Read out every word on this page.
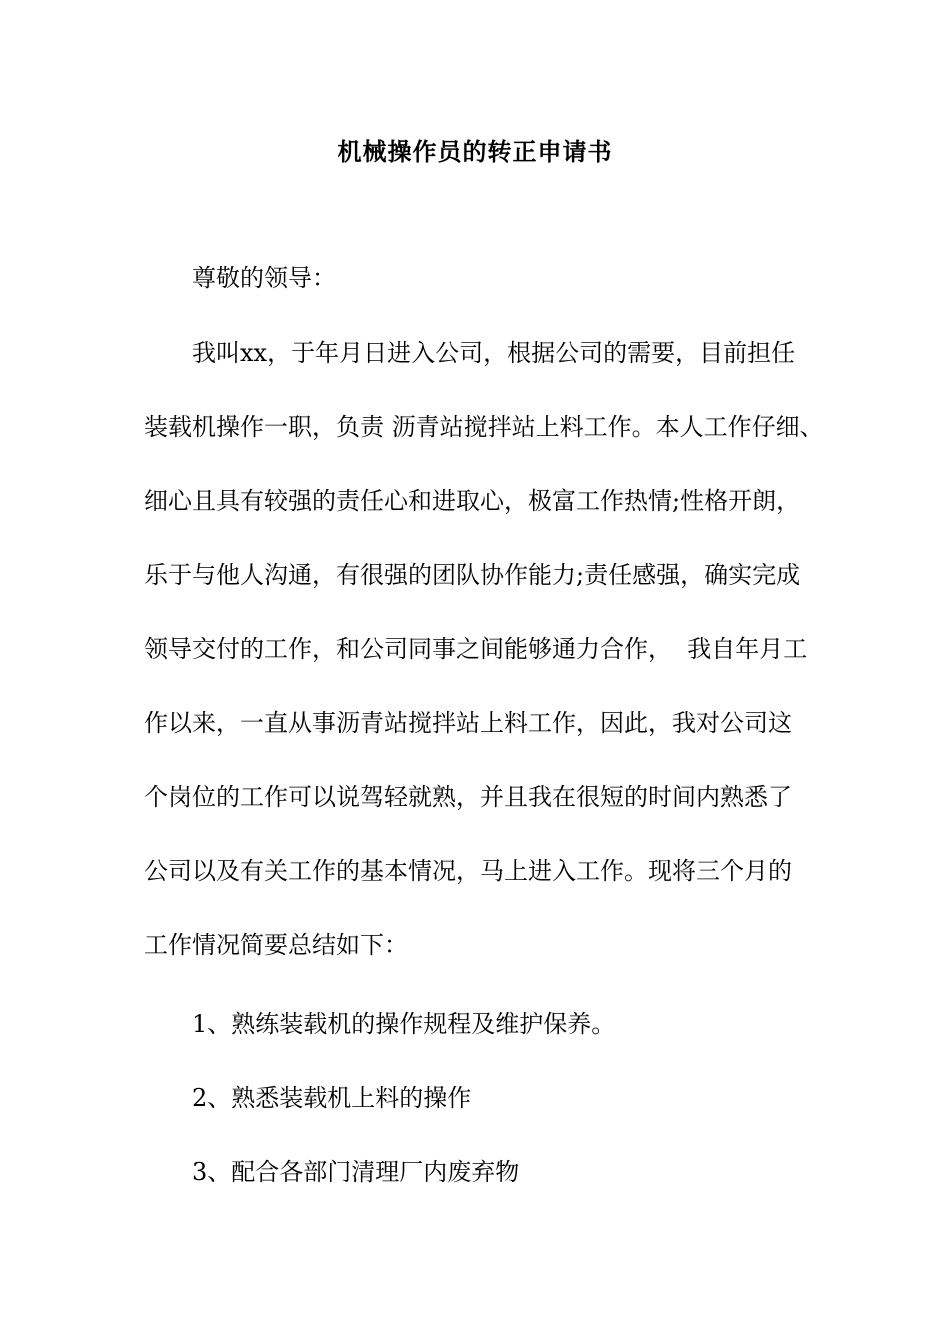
机械操作员的转正申请书
尊敬的领导：
我叫xx，于年月日进入公司，根据公司的需要，目前担任
装载机操作一职，负责 沥青站搅拌站上料工作。本人工作仔细、
细心且具有较强的责任心和进取心，极富工作热情;性格开朗，
乐于与他人沟通，有很强的团队协作能力;责任感强，确实完成
领导交付的工作，和公司同事之间能够通力合作，  我自年月工
作以来，一直从事沥青站搅拌站上料工作，因此，我对公司这
个岗位的工作可以说驾轻就熟，并且我在很短的时间内熟悉了
公司以及有关工作的基本情况，马上进入工作。现将三个月的
工作情况简要总结如下：
1、熟练装载机的操作规程及维护保养。
2、熟悉装载机上料的操作
3、配合各部门清理厂内废弃物
